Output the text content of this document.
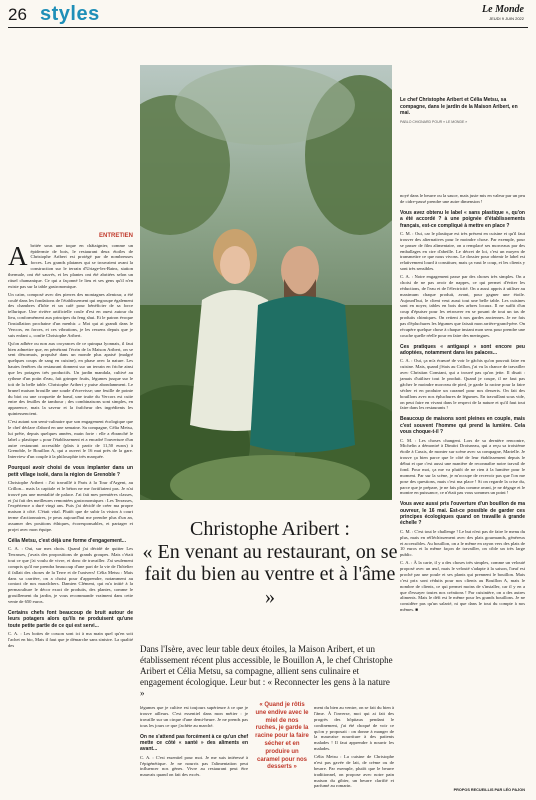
26 styles	Le Monde
JEUDI 9 JUIN 2022
Le chef Christophe Aribert et Célia Metsu, sa compagne, dans le jardin de la Maison Aribert, en mai.
PABLO CHIGNARD POUR « LE MONDE »
ENTRETIEN

Abritée sous une toque en châtaignier, comme un épidermie de bois, le restaurant deux étoiles de Christophe Aribert est protégé par de nombreuses forces. Les grands platanes qui se trouvaient avant la construction sur le terrain d'Uriage-les-Bains, station thermale, ont été sauvés, et les plantes ont été abritées selon un rituel chamanique. Ce qui a façonné le lieu et ses gens qu'il n'en existe pas sur la table gastronomique.

Un cairn, composé avec des pierres des montagnes alentour, a été coulé dans les fondations de l'établissement qui regroupe également des chambres d'hôte et un café pour bénéficier de sa force tellurique. Une rivière artificielle coule d'est en ouest autour du lieu, conformément aux principes du feng shui. Et le patron évoque l'installation prochaine d'un menhir. « Moi qui ai grandi dans le Vercors, en forces, et ces vibrations, je les ressens depuis que je suis enfant », confie Christophe Aribert.

Qu'on adhère ou non aux croyances de ce quinqua lyonnais, il faut bien admettre que, en pénétrant l'écrin de la Maison Aribert, on se sent désormais, propulsé dans un monde plus apaisé (malgré quelques coups de sang en cuisine), en phase avec la nature. Les hautes fenêtres du restaurant donnent sur un terrain en friche ainsi que les potagers très productifs. Un jardin mandala, cultivé au rythme d'un potin d'eau, fait grimper fruits, légumes jusque sur le toit de la belle table. Christophe Aribert y puise abondamment. Le brunel maison brouille une soude d'écrevisse; une feuille de pointe du biot ou une croquette de bœuf, une truite du Vercors est cuite entre des feuilles de tambour ; des combinaisons sont simples, en apparence, mais la saveur et la fraîcheur des ingrédients les quintessencient.

C'est autant son semi-culinaire que son engagement écologique que le chef déclare d'abord en une semaine. Sa compagne, Célia Metsu, lui prête, depuis quelques années, main forte : elle a ébranché le label « plastique » pour l'établissement et a encadré l'ouverture d'un autre restaurant accessible (plats à partir de 11,50 euros) à Grenoble, le Bouillon A, qui a ouvert le 16 mai près de la gare. Interview d'un couple à la philosophie très marquée.

Pourquoi avoir choisi de vous implanter dans un petit village isolé, dans la région de Grenoble ?

Christophe Aribert : J'ai travaillé à Paris à la Tour d'Argent, au Crillon... mais la capitale et le béton ne me fortifiaient pas. Je n'ai trouvé pas une mentalité de palace. J'ai fait mes premières classes, et j'ai fait des meilleures remontées gastronomiques : Les Terrasses, l'expérience a duré vingt ans. Puis j'ai décidé de créer ma propre maison à côté. C'était vital. Plutôt que de subir la vision à court terme d'actionnaires, je peux aujourd'hui me prendre plus d'un an, assumer des positions éthiques, écoresponsables, et partager et projet avec mon équipe.

Célia Metsu, c'est déjà une forme d'engagement...

C. A. : Oui, sur mes choix. Quand j'ai décidé de quitter Les Terrasses, j'avais des propositions de grands groupes. Mais c'était tout ce que j'ai voulu de vivre, et donc de travailler. J'ai seulement compris qu'il me prendra beaucoup d'une part de la vie de l'hôtelier il fallait des choses de la Terre et de l'univers! Célia Metsu : Mais dans sa carrière, on a choisi pour d'apprendre, notamment au contact de nos maraîchers. Damien Clément, qui m'a initié à la permaculture le décor exact de produits, des plantes, comme le grouillement du jardin, je vous recommande vraiment dans cette vente de 650 euros.

Certains chefs font beaucoup de bruit autour de leurs potagers alors qu'ils ne produisent qu'une toute petite partie de ce qui est servi...

C. A. : Les bottes de cosson sont ici à ma main quel qu'en soit l'achet en bio, Mais il faut que je démarche sans sinistre. La qualité des

Christophe Aribert :
« En venant au restaurant, on se fait du bien au ventre et à l'âme »
Dans l'Isère, avec leur table deux étoiles, la Maison Aribert, et un établissement récent plus accessible, le Bouillon A, le chef Christophe Aribert et Célia Metsu, sa compagne, allient sens culinaire et engagement écologique. Leur but : « Reconnecter les gens à la nature »

légumes que je cultive est toujours supérieure à ce que je trouve ailleurs. C'est essentiel dans mon métier : je travaille sur un cirque d'une demi-heure. Je ne prends pas tous les jours ce que j'achète au marché.

On ne s'attend pas forcément à ce qu'un chef mette ce côté « santé » des aliments en avant...

C. A. : C'est essentiel pour moi. Je me suis intéressé à l'épigénétique. Je ne nourris pas l'alimentation peut influencer nos gènes. Vivre au restaurant peut être mauvais quand on fait des excès.

« Quand je rôtis une endive avec le miel de nos ruches, je garde la racine pour la faire sécher et en produire un caramel pour nos desserts »

ment du bien au ventre, on se fait du bien à l'âme. À l'inverse, moi qui ai fait des progrès des hôpitaux pendant le confinement, j'ai été choqué de voir ce qu'on y proposait : on donne à manger de la mauvaise nourriture à des patients malades ! Il faut apprendre à nourrir les malades.

Célia Metsu : La cuisine de Christophe n'est pas gavée de lait, de crème ou de beurre. Par exemple, plutôt que le beurre traditionnel, on propose avec notre pain maison du gibier, un beurre clarifié et parfumé au romarin.

noyé dans le beurre ou la sauce, mais juste mis en valeur par un peu de cidre-passé prendre une autre dimension !

Vous avez obtenu le label « sans plastique », qu'on a été accordé ? à une poignée d'établissements français, est-ce compliqué à mettre en place ?

C. M. : Oui, car le plastique est très présent en cuisine et qu'il faut trouver des alternatives pour le moindre chose. Par exemple, pour se passer de film alimentaire, on a remplacé ses morceaux par des emballages en cire d'abeille. Le décret de loi, c'est un moyen de transmettre ce que nous vivons. Le dossier pour obtenir le label est relativement lourd à constituer, mais ça vaut le coup, et les clients y sont très sensibles.

C. A. : Notre engagement passe par des choses très simples. On a choisi de ne pas avoir de nappes, ce qui permet d'éviter les réductions, de l'eau et de l'électricité. On a aussi appris à utiliser au maximum chaque produit, avant, pour gagner une étoile. Aujourd'hui, le client veut aussi tout une belle table. Les cuisines sont en noyer, tables en bois des arbres locaux. Il ne suffit d'un coup d'épuiser pour les retrouver en se posant de tout un tas de produits chimiques. On retient à nos gardes anciennes. Je ne fais pas d'épluchures les légumes que faisait mon arrière-grand-père. On récupère quelque chose à chaque instant mon sens pour prendre une couche quelle réelle pour en faire des meringues.

Ces pratiques « antigaspi » sont encore peu adoptées, notamment dans les palaces...

C. A. : Oui, ça m'a écœuré de voir le gâchis qu'on pouvait faire en cuisine. Mais, quand j'étais au Crillon, j'ai vu la chance de travailler avec Christian Constant, qui a trouvé pas qu'on jette. Il disait : jamais d'utiliser tout le produit. Quand je coupe, il ne faut pas gâcher le moindre morceau de pied, je garde la racine pour la faire sécher et en produire un caramel pour nos desserts. On fait des bouillons avec nos épluchures de légumes. En travaillant sous vide, on peut faire en vivant dans le respect de la nature et qu'il faut tout faire dans les restaurants !

Beaucoup de maisons sont pleines en couple, mais c'est souvent l'homme qui prend la lumière. Cela vous choque-t-il ?

C. M. : Les choses changent. Lors de sa dernière rencontre, Michelin a démontré à Dimitri Droisneau, qui a reçu sa troisième étoile à Cassis, de monter sur scène avec sa compagne, Marielle. Je trouve ça bien parce que le côté de leur établissement depuis le début et que c'est aussi une manière de reconnaître notre travail de fond. Pour moi, ça me va plutôt de ne rien à la lumière pour le moment. Par sur la scène, je m'occupe de recevoir pas que l'on me pose des questions, mais c'est ma place ! Si on regarde la crise du, parce que je prépare, je ne fais plus comme avant, je ne dégage et le montre en puissance, ce n'était pas vous sommes un point !

Vous avez aussi pris l'ouverture d'un bouillon de ma ouvreur, le 16 mai. Est-ce possible de garder ces principes écologiques quand on travaille à grande échelle ?

C. M. : C'est tout le challenge ! Le but n'est pas de faire le menu du plus, mais en réfléchissement avec des plats gourmands, généreux et accessibles. Au bouillon, on a le même en rayon vers des plats de 10 euros et la même façon de travailler, on cible un très large public.

C. A. : À la carte, il y a des choses très simples, comme un velouté proposé avec un œuf, mais le velouté s'adapte à la saison, l'œuf est proché par une poule et ses plants qui prennent le bouillon. Mais c'est prix sont réduits pour nos clients au Bouillon A, mais le nombre de clients, ce qui permet moins de s'installer, car il y en a que d'essayer toutes nos créations ! Par cuisinière, on a des autres aliments. Mais le défi est le même pour les grands bouillons. Je ne considère pas qu'un salarié, ni que dans le tout du compte à nos mêmes. ■

PROPOS RECUEILLIS PAR LÉO PAJON
